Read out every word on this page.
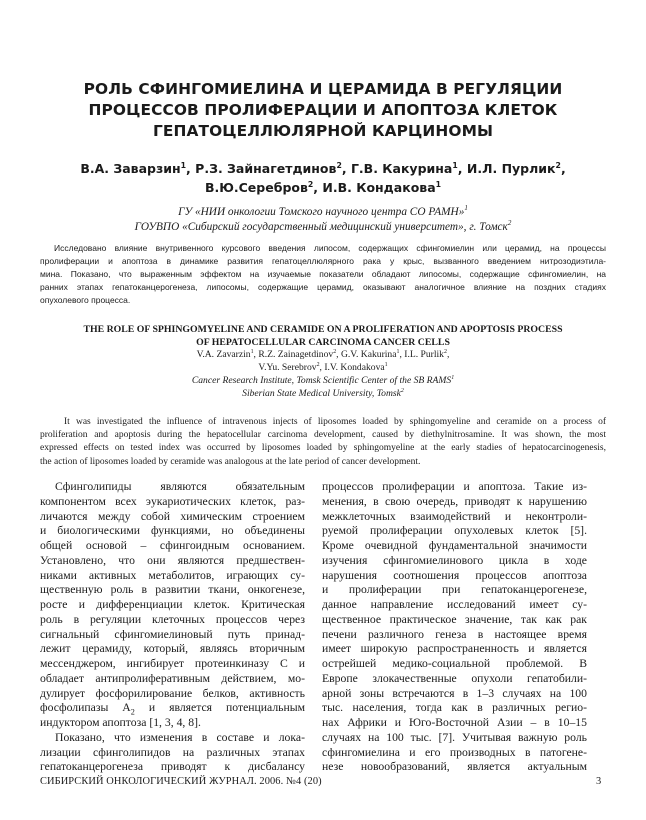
РОЛЬ СФИНГОМИЕЛИНА И ЦЕРАМИДА В РЕГУЛЯЦИИ
ПРОЦЕССОВ ПРОЛИФЕРАЦИИ И АПОПТОЗА КЛЕТОК
ГЕПАТОЦЕЛЛЮЛЯРНОЙ КАРЦИНОМЫ
В.А. Заварзин$^1$, Р.З. Зайнагетдинов$^2$, Г.В. Какурина$^1$, И.Л. Пурлик$^2$,
В.Ю.Серебров$^2$, И.В. Кондакова$^1$
ГУ «НИИ онкологии Томского научного центра СО РАМН»$^1$
ГОУВПО «Сибирский государственный медицинский университет», г. Томск$^2$
Исследовано влияние внутривенного курсового введения липосом, содержащих сфингомиелин или церамид, на процессы
пролиферации и апоптоза в динамике развития гепатоцеллюлярного рака у крыс, вызванного введением нитрозодиэтила-
мина. Показано, что выраженным эффектом на изучаемые показатели обладают липосомы, содержащие сфингомиелин, на
ранних этапах гепатоканцерогенеза, липосомы, содержащие церамид, оказывают аналогичное влияние на поздних стадиях
опухолевого процесса.
THE ROLE OF SPHINGOMYELINE AND CERAMIDE ON A PROLIFERATION AND APOPTOSIS PROCESS
OF HEPATOCELLULAR CARCINOMA CANCER CELLS
V.A. Zavarzin$^1$, R.Z. Zainagetdinov$^2$, G.V. Kakurina$^1$, I.L. Purlik$^2$,
V.Yu. Serebrov$^2$, I.V. Kondakova$^1$
Cancer Research Institute, Tomsk Scientific Center of the SB RAMS$^1$
Siberian State Medical University, Tomsk$^2$
It was investigated the influence of intravenous injects of liposomes loaded by sphingomyeline and ceramide on a process of
proliferation and apoptosis during the hepatocellular carcinoma development, caused by diethylnitrosamine. It was shown, the most
expressed effects on tested index was occurred by liposomes loaded by sphingomyeline at the early stadies of hepatocarcinogenesis,
the action of liposomes loaded by ceramide was analogous at the late period of cancer development.
Сфинголипиды являются обязательным
компонентом всех эукариотических клеток, раз-
личаются между собой химическим строением
и биологическими функциями, но объединены
общей основой – сфингоидным основанием.
Установлено, что они являются предшествен-
никами активных метаболитов, играющих су-
щественную роль в развитии ткани, онкогенезе,
росте и дифференциации клеток. Критическая
роль в регуляции клеточных процессов через
сигнальный сфингомиелиновый путь принад-
лежит церамиду, который, являясь вторичным
мессенджером, ингибирует протеинкиназу С и
обладает антипролиферативным действием, мо-
дулирует фосфорилирование белков, активность
фосфолипазы $А_2$ и является потенциальным
индуктором апоптоза [1, 3, 4, 8].
Показано, что изменения в составе и лока-
лизации сфинголипидов на различных этапах
гепатоканцерогенеза приводят к дисбалансу
процессов пролиферации и апоптоза. Такие из-
менения, в свою очередь, приводят к нарушению
межклеточных взаимодействий и неконтроли-
руемой пролиферации опухолевых клеток [5].
Кроме очевидной фундаментальной значимости
изучения сфингомиелинового цикла в ходе
нарушения соотношения процессов апоптоза
и пролиферации при гепатоканцерогенезе,
данное направление исследований имеет су-
щественное практическое значение, так как рак
печени различного генеза в настоящее время
имеет широкую распространенность и является
острейшей медико-социальной проблемой. В
Европе злокачественные опухоли гепатобили-
арной зоны встречаются в 1–3 случаях на 100
тыс. населения, тогда как в различных регио-
нах Африки и Юго-Восточной Азии – в 10–15
случаях на 100 тыс. [7]. Учитывая важную роль
сфингомиелина и его производных в патогене-
незе новообразований, является актуальным
СИБИРСКИЙ ОНКОЛОГИЧЕСКИЙ ЖУРНАЛ. 2006. №4 (20)	3
